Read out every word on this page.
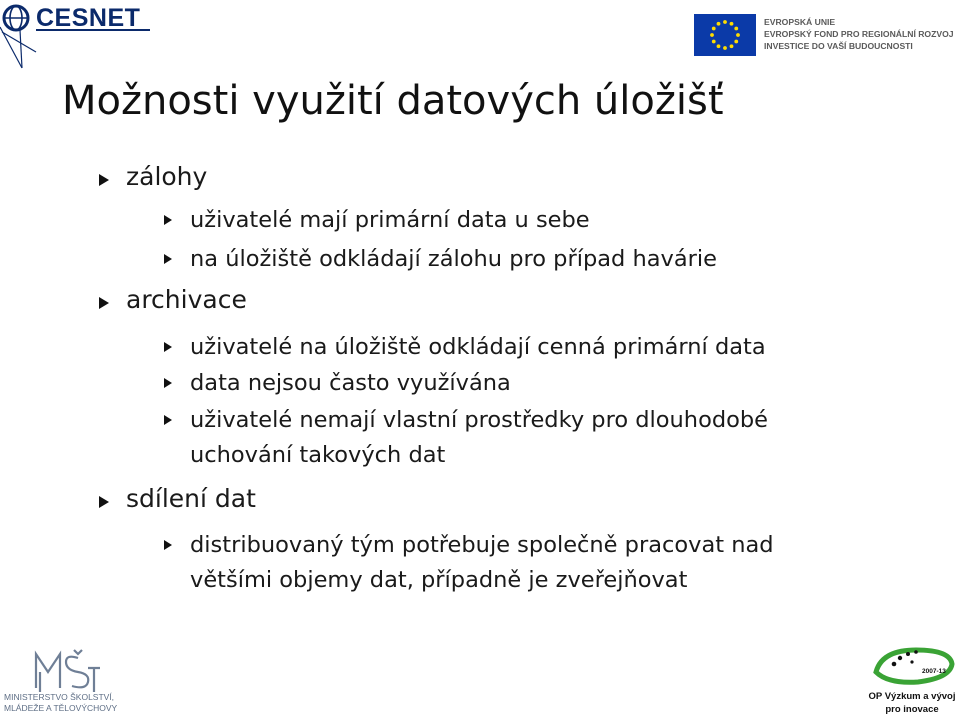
CESNET	EVROPSKÁ UNIE
EVROPSKÝ FOND PRO REGIONÁLNÍ ROZVOJ
INVESTICE DO VAŠÍ BUDOUCNOSTI
Možnosti využití datových úložišť
zálohy
uživatelé mají primární data u sebe
na úložiště odkládají zálohu pro případ havárie
archivace
uživatelé na úložiště odkládají cenná primární data
data nejsou často využívána
uživatelé nemají vlastní prostředky pro dlouhodobé
uchování takových dat
sdílení dat
distribuovaný tým potřebuje společně pracovat nad
většími objemy dat, případně je zveřejňovat
MINISTERSTVO ŠKOLSTVÍ,
MLÁDEŽE A TĚLOVÝCHOVY
2007-13
OP Výzkum a vývoj
pro inovace
